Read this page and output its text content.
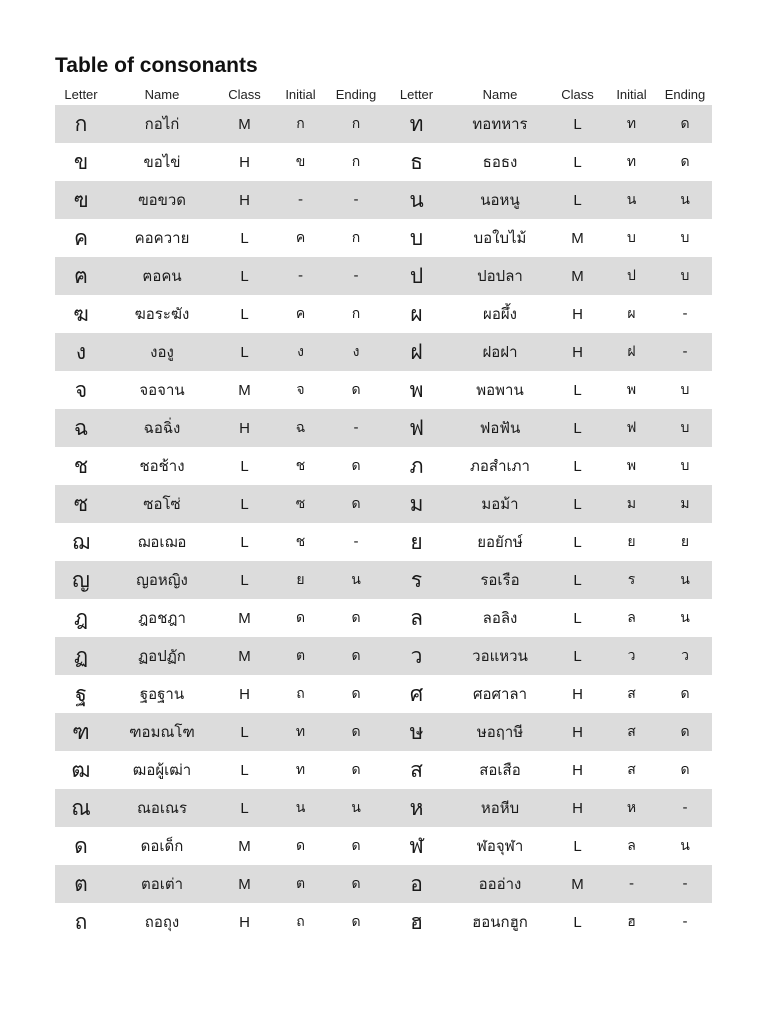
Table of consonants
Letter	Name	Class	Initial	Ending	Letter	Name	Class	Initial	Ending
ก	กอไก่	M	ก	ก	ท	ทอทหาร	L	ท	ด
ข	ขอไข่	H	ข	ก	ธ	ธอธง	L	ท	ด
ฃ	ฃอขวด	H	-	-	น	นอหนู	L	น	น
ค	คอควาย	L	ค	ก	บ	บอใบไม้	M	บ	บ
ฅ	ฅอคน	L	-	-	ป	ปอปลา	M	ป	บ
ฆ	ฆอระฆัง	L	ค	ก	ผ	ผอผึ้ง	H	ผ	-
ง	งองู	L	ง	ง	ฝ	ฝอฝา	H	ฝ	-
จ	จอจาน	M	จ	ด	พ	พอพาน	L	พ	บ
ฉ	ฉอฉิ่ง	H	ฉ	-	ฟ	ฟอฟัน	L	ฟ	บ
ช	ชอช้าง	L	ช	ด	ภ	ภอสำเภา	L	พ	บ
ซ	ซอโซ่	L	ซ	ด	ม	มอม้า	L	ม	ม
ฌ	ฌอเฌอ	L	ช	-	ย	ยอยักษ์	L	ย	ย
ญ	ญอหญิง	L	ย	น	ร	รอเรือ	L	ร	น
ฎ	ฎอชฎา	M	ด	ด	ล	ลอลิง	L	ล	น
ฏ	ฏอปฏัก	M	ต	ด	ว	วอแหวน	L	ว	ว
ฐ	ฐอฐาน	H	ถ	ด	ศ	ศอศาลา	H	ส	ด
ฑ	ฑอมณโฑ	L	ท	ด	ษ	ษอฤาษี	H	ส	ด
ฒ	ฒอผู้เฒ่า	L	ท	ด	ส	สอเสือ	H	ส	ด
ณ	ณอเณร	L	น	น	ห	หอหีบ	H	ห	-
ด	ดอเด็ก	M	ด	ด	ฬ	ฬอจุฬา	L	ล	น
ต	ตอเต่า	M	ต	ด	อ	อออ่าง	M	-	-
ถ	ถอถุง	H	ถ	ด	ฮ	ฮอนกฮูก	L	ฮ	-
